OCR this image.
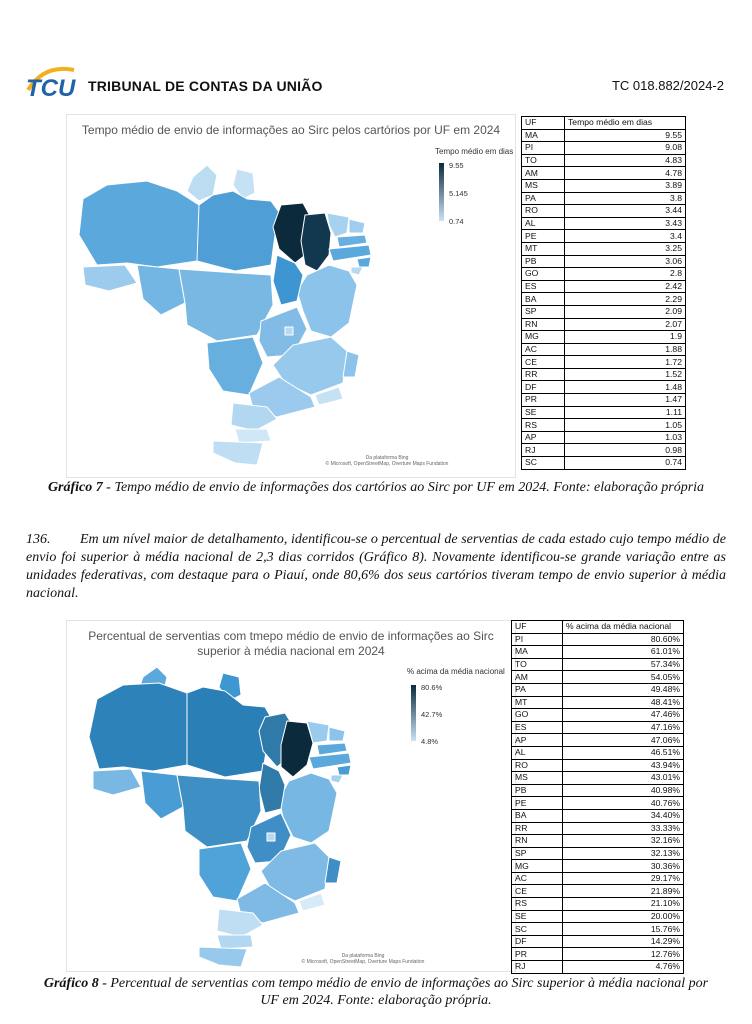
TCU TRIBUNAL DE CONTAS DA UNIÃO	TC 018.882/2024-2
Tempo médio de envio de informações ao Sirc pelos cartórios por UF em 2024
Tempo médio em dias
9.55
5.145
0.74
Da plataforma Bing
© Microsoft, OpenStreetMap, Overture Maps Fundation
UF	Tempo médio em dias
MA	9.55
PI	9.08
TO	4.83
AM	4.78
MS	3.89
PA	3.8
RO	3.44
AL	3.43
PE	3.4
MT	3.25
PB	3.06
GO	2.8
ES	2.42
BA	2.29
SP	2.09
RN	2.07
MG	1.9
AC	1.88
CE	1.72
RR	1.52
DF	1.48
PR	1.47
SE	1.11
RS	1.05
AP	1.03
RJ	0.98
SC	0.74
Gráfico 7 - Tempo médio de envio de informações dos cartórios ao Sirc por UF em 2024. Fonte: elaboração própria
136. Em um nível maior de detalhamento, identificou-se o percentual de serventias de cada estado cujo tempo médio de envio foi superior à média nacional de 2,3 dias corridos (Gráfico 8). Novamente identificou-se grande variação entre as unidades federativas, com destaque para o Piauí, onde 80,6% dos seus cartórios tiveram tempo de envio superior à média nacional.
Percentual de serventias com tmepo médio de envio de informações ao Sirc
superior à média nacional em 2024
% acima da média nacional
80.6%
42.7%
4.8%
Da plataforma Bing
© Microsoft, OpenStreetMap, Overture Maps Fundation
UF	% acima da média nacional
PI	80.60%
MA	61.01%
TO	57.34%
AM	54.05%
PA	49.48%
MT	48.41%
GO	47.46%
ES	47.16%
AP	47.06%
AL	46.51%
RO	43.94%
MS	43.01%
PB	40.98%
PE	40.76%
BA	34.40%
RR	33.33%
RN	32.16%
SP	32.13%
MG	30.36%
AC	29.17%
CE	21.89%
RS	21.10%
SE	20.00%
SC	15.76%
DF	14.29%
PR	12.76%
RJ	4.76%
Gráfico 8 - Percentual de serventias com tempo médio de envio de informações ao Sirc superior à média nacional por UF em 2024. Fonte: elaboração própria.
